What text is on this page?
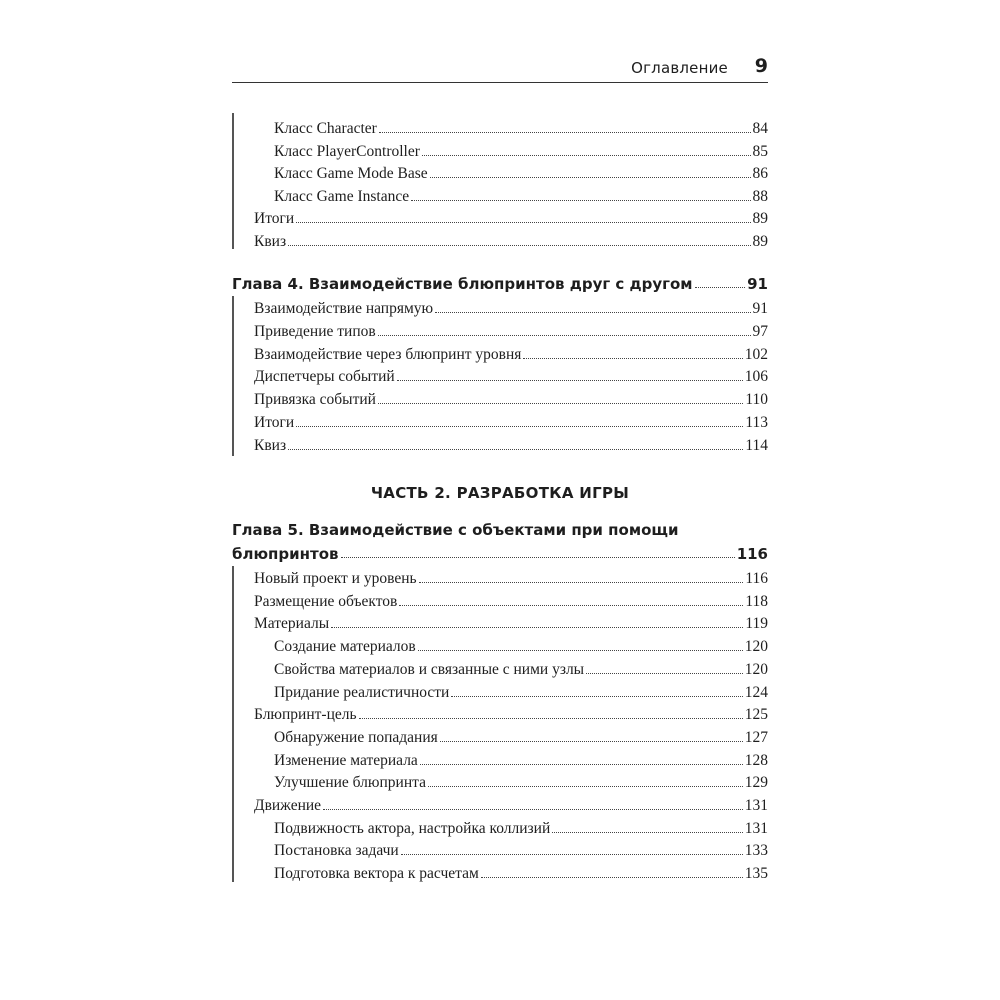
Оглавление 9
Класс Character	84
Класс PlayerController	85
Класс Game Mode Base	86
Класс Game Instance	88
Итоги	89
Квиз	89
Глава 4. Взаимодействие блюпринтов друг с другом	91
Взаимодействие напрямую	91
Приведение типов	97
Взаимодействие через блюпринт уровня	102
Диспетчеры событий	106
Привязка событий	110
Итоги	113
Квиз	114
ЧАСТЬ 2. РАЗРАБОТКА ИГРЫ
Глава 5. Взаимодействие с объектами при помощи
блюпринтов	116
Новый проект и уровень	116
Размещение объектов	118
Материалы	119
Создание материалов	120
Свойства материалов и связанные с ними узлы	120
Придание реалистичности	124
Блюпринт-цель	125
Обнаружение попадания	127
Изменение материала	128
Улучшение блюпринта	129
Движение	131
Подвижность актора, настройка коллизий	131
Постановка задачи	133
Подготовка вектора к расчетам	135
